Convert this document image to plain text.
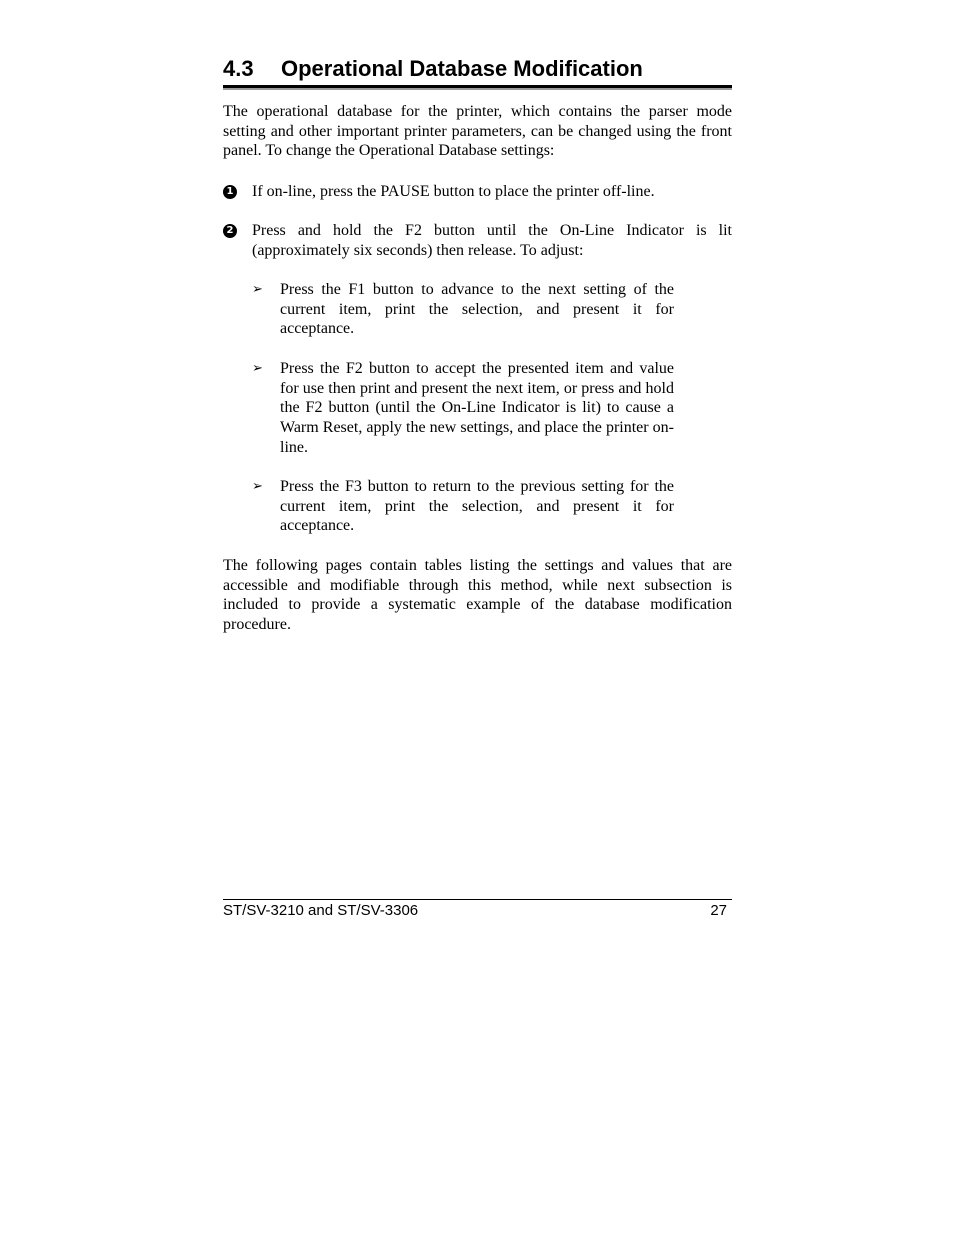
4.3 Operational Database Modification

The operational database for the printer, which contains the parser mode setting and other important printer parameters, can be changed using the front panel. To change the Operational Database settings:

1 If on-line, press the PAUSE button to place the printer off-line.
2 Press and hold the F2 button until the On-Line Indicator is lit (approximately six seconds) then release. To adjust:
➢ Press the F1 button to advance to the next setting of the current item, print the selection, and present it for acceptance.
➢ Press the F2 button to accept the presented item and value for use then print and present the next item, or press and hold the F2 button (until the On-Line Indicator is lit) to cause a Warm Reset, apply the new settings, and place the printer on-line.
➢ Press the F3 button to return to the previous setting for the current item, print the selection, and present it for acceptance.

The following pages contain tables listing the settings and values that are accessible and modifiable through this method, while next subsection is included to provide a systematic example of the database modification procedure.

ST/SV-3210 and ST/SV-3306	27
